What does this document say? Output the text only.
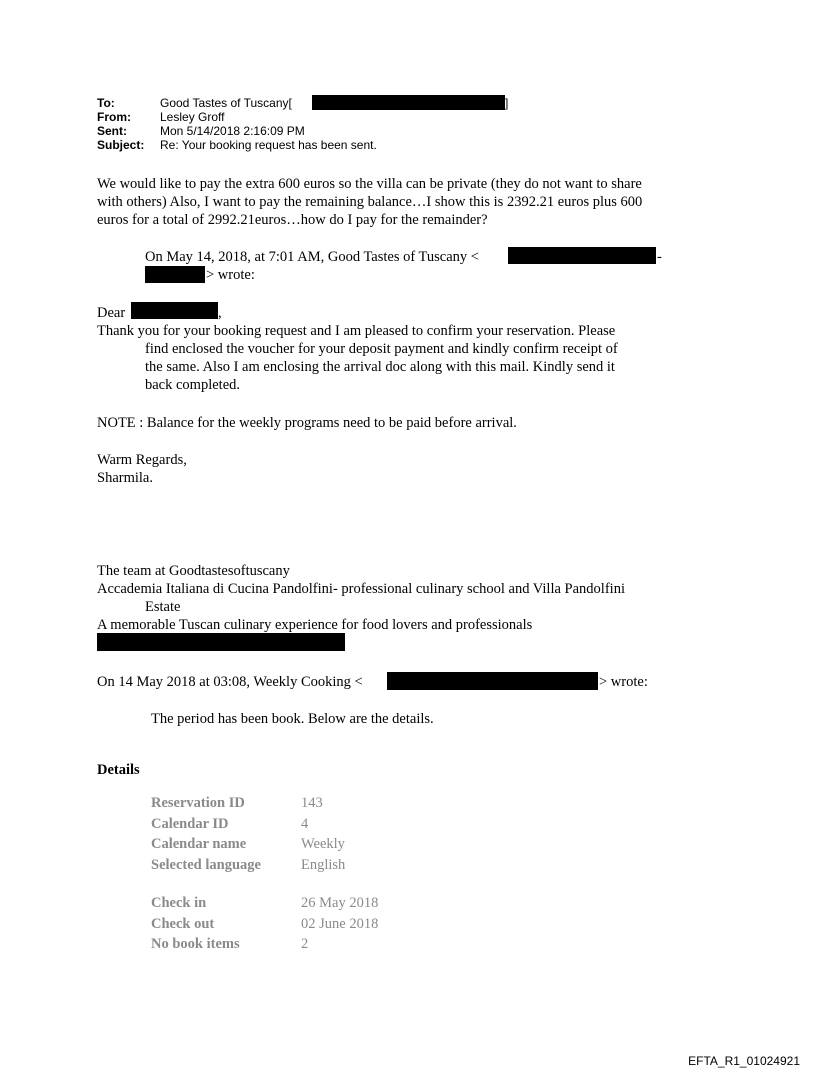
To:	Good Tastes of Tuscany[	]
From: Lesley Groff
Sent:	Mon 5/14/2018 2:16:09 PM
Subject: Re: Your booking request has been sent.
We would like to pay the extra 600 euros so the villa can be private (they do not want to share
with others) Also, I want to pay the remaining balance…I show this is 2392.21 euros plus 600
euros for a total of 2992.21euros…how do I pay for the remainder?
On May 14, 2018, at 7:01 AM, Good Tastes of Tuscany <	-
> wrote:
Dear	,
Thank you for your booking request and I am pleased to confirm your reservation. Please
find enclosed the voucher for your deposit payment and kindly confirm receipt of
the same. Also I am enclosing the arrival doc along with this mail. Kindly send it
back completed.
NOTE : Balance for the weekly programs need to be paid before arrival.
Warm Regards,
Sharmila.
The team at Goodtastesoftuscany
Accademia Italiana di Cucina Pandolfini- professional culinary school and Villa Pandolfini
Estate
A memorable Tuscan culinary experience for food lovers and professionals
On 14 May 2018 at 03:08, Weekly Cooking <	> wrote:
The period has been book. Below are the details.
Details
Reservation ID	143
Calendar ID	4
Calendar name	Weekly
Selected language	English
Check in	26 May 2018
Check out	02 June 2018
No book items	2
EFTA_R1_01024921
